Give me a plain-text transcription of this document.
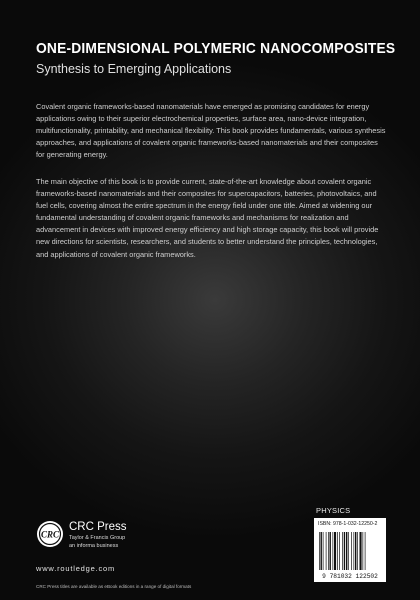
ONE-DIMENSIONAL POLYMERIC NANOCOMPOSITES
Synthesis to Emerging Applications

Covalent organic frameworks-based nanomaterials have emerged as promising candidates for energy applications owing to their superior electrochemical properties, surface area, nano-device integration, multifunctionality, printability, and mechanical flexibility. This book provides fundamentals, various synthesis approaches, and applications of covalent organic frameworks-based nanomaterials and their composites for generating energy.

The main objective of this book is to provide current, state-of-the-art knowledge about covalent organic frameworks-based nanomaterials and their composites for supercapacitors, batteries, photovoltaics, and fuel cells, covering almost the entire spectrum in the energy field under one title. Aimed at widening our fundamental understanding of covalent organic frameworks and mechanisms for realization and advancement in devices with improved energy efficiency and high storage capacity, this book will provide new directions for scientists, researchers, and students to better understand the principles, technologies, and applications of covalent organic frameworks.

PHYSICS
CRC
CRC Press
Taylor & Francis Group
an informa business
www.routledge.com
CRC Press titles are available as eBook editions in a range of digital formats
ISBN: 978-1-032-12250-2
9 781032 122502
